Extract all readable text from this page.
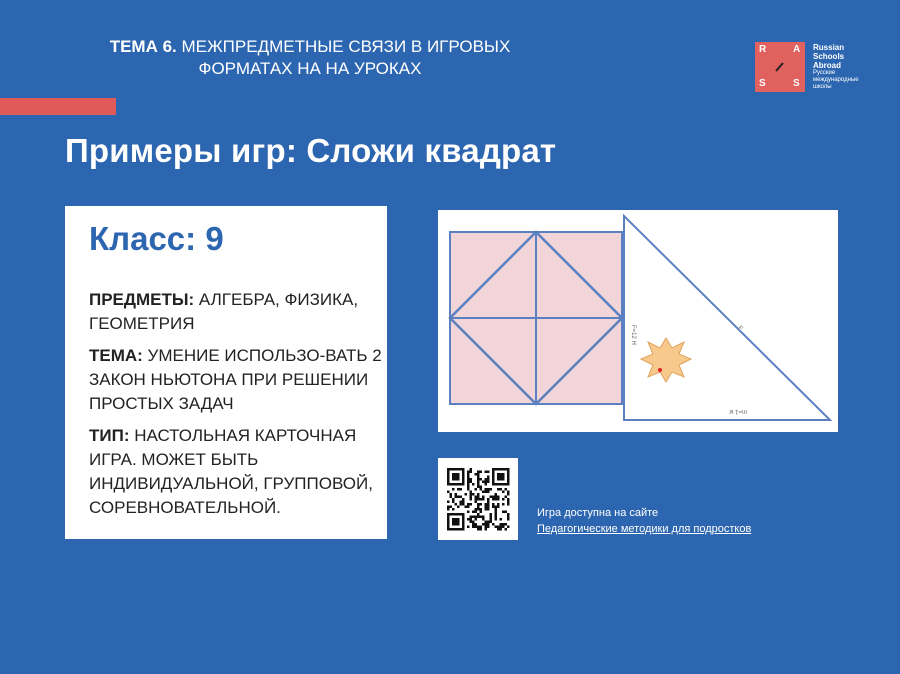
ТЕМА 6. МЕЖПРЕДМЕТНЫЕ СВЯЗИ В ИГРОВЫХ
ФОРМАТАХ НА НА УРОКАХ
R
S	S
A Russian
Schools
Abroad
Русские
международные
школы
Примеры игр: Сложи квадрат
Класс: 9
ПРЕДМЕТЫ: АЛГЕБРА, ФИЗИКА, ГЕОМЕТРИЯ
ТЕМА: УМЕНИЕ ИСПОЛЬЗО-ВАТЬ 2 ЗАКОН НЬЮТОНА ПРИ РЕШЕНИИ ПРОСТЫХ ЗАДАЧ
ТИП: НАСТОЛЬНАЯ КАРТОЧНАЯ ИГРА. МОЖЕТ БЫТЬ ИНДИВИДУАЛЬНОЙ, ГРУППОВОЙ, СОРЕВНОВАТЕЛЬНОЙ.
F=12 Н	F
m=1 кг
Игра доступна на сайте
Педагогические методики для подростков
